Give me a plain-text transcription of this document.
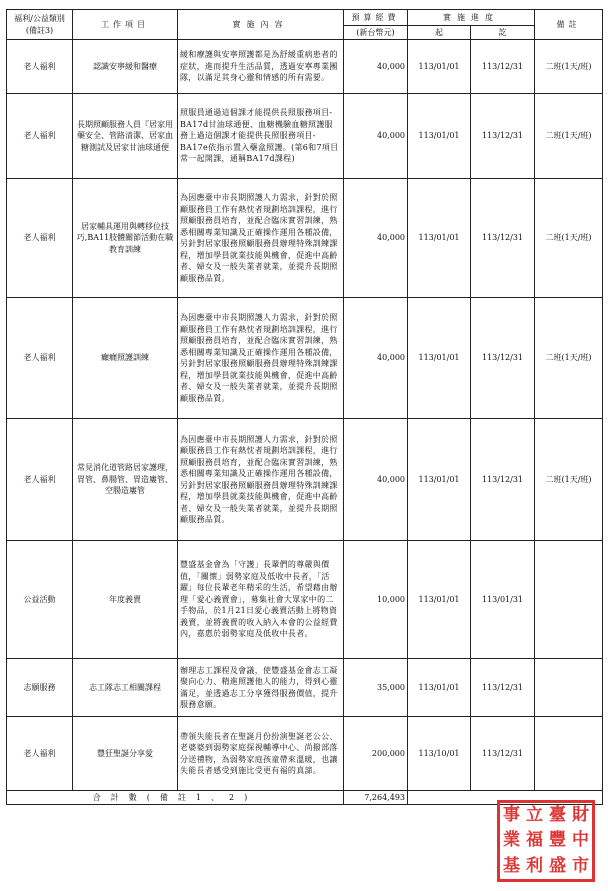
福利/公益類別(備註3)	工作項目	實施內容	預算經費	實施進度		備註
			(新台幣元)	起	訖	
老人福利	認識安寧緩和醫療	緩和療護與安寧照護都是為舒緩重病患者的症狀，進而提升生活品質，透過安寧專業團隊，以滿足其身心靈和情感的所有需要。	40,000	113/01/01	113/12/31	二班(1天/班)
老人福利	長期照顧服務人員『居家用藥安全、管路清潔、居家血糖測試及居家甘油球通便	照服員通過這個課才能提供長照服務項目-BA17d甘油球通便、血糖機驗血糖照護服務上過這個課才能提供長照服務項目-BA17e依指示置入藥盒照護。(第6和7項目常一起開課，通稱BA17d課程)	40,000	113/01/01	113/12/31	二班(1天/班)
老人福利	居家輔具運用與轉移位技巧,BA11肢體關節活動在職教育訓練	為因應臺中市長期照護人力需求，針對於照顧服務員工作有熱忱者規劃培訓課程，進行照顧服務員培育，並配合臨床實習訓練，熟悉相關專業知識及正確操作運用各種設備，另針對居家服務照顧服務員辦理特殊訓練課程，增加學員就業技能與機會，促進中高齡者、婦女及一般失業者就業，並提升長期照顧服務品質。	40,000	113/01/01	113/12/31	二班(1天/班)
老人福利	癲癇照護訓練	為因應臺中市長期照護人力需求，針對於照顧服務員工作有熱忱者規劃培訓課程，進行照顧服務員培育，並配合臨床實習訓練，熟悉相關專業知識及正確操作運用各種設備，另針對居家服務照顧服務員辦理特殊訓練課程，增加學員就業技能與機會，促進中高齡者、婦女及一般失業者就業，並提升長期照顧服務品質。	40,000	113/01/01	113/12/31	二班(1天/班)
老人福利	常見消化道管路居家護理，胃管、鼻腸管、胃造廔管、空腸造廔管	為因應臺中市長期照護人力需求，針對於照顧服務員工作有熱忱者規劃培訓課程，進行照顧服務員培育，並配合臨床實習訓練，熟悉相關專業知識及正確操作運用各種設備，另針對居家服務照顧服務員辦理特殊訓練課程，增加學員就業技能與機會，促進中高齡者、婦女及一般失業者就業，並提升長期照顧服務品質。	40,000	113/01/01	113/12/31	二班(1天/班)
公益活動	年度義賣	豐盛基金會為「守護」長輩們的尊嚴與價值，「關懷」弱勢家庭及低收中長者，「活躍」每位長輩老年精采的生活，希望藉由辦理「愛心義賣會」，募集社會大眾家中的二手物品，於1月21日愛心義賣活動上將物資義賣，並將義賣的收入納入本會的公益經費內，嘉惠於弱勢家庭及低收中長者。	10,000	113/01/01	113/01/31	
志願服務	志工隊志工相關課程	辦理志工課程及會議，使豐盛基金會志工凝聚向心力、精進照護他人的能力，得到心靈滿足，並透過志工分享獲得服務價值，提升服務意願。	35,000	113/01/01	113/12/31	
老人福利	豐狂聖誕分享愛	帶領失能長者在聖誕月份扮演聖誕老公公、老婆婆到弱勢家庭探視輔導中心、尚撥部落分送禮物，為弱勢家庭孩童帶來溫暖，也讓失能長者感受到施比受更有福的真諦。	200,000	113/10/01	113/12/31	
合計數(備註1、2)			7,264,493			
事 立 臺 財
業 福 豐 中
基 利 盛 市
